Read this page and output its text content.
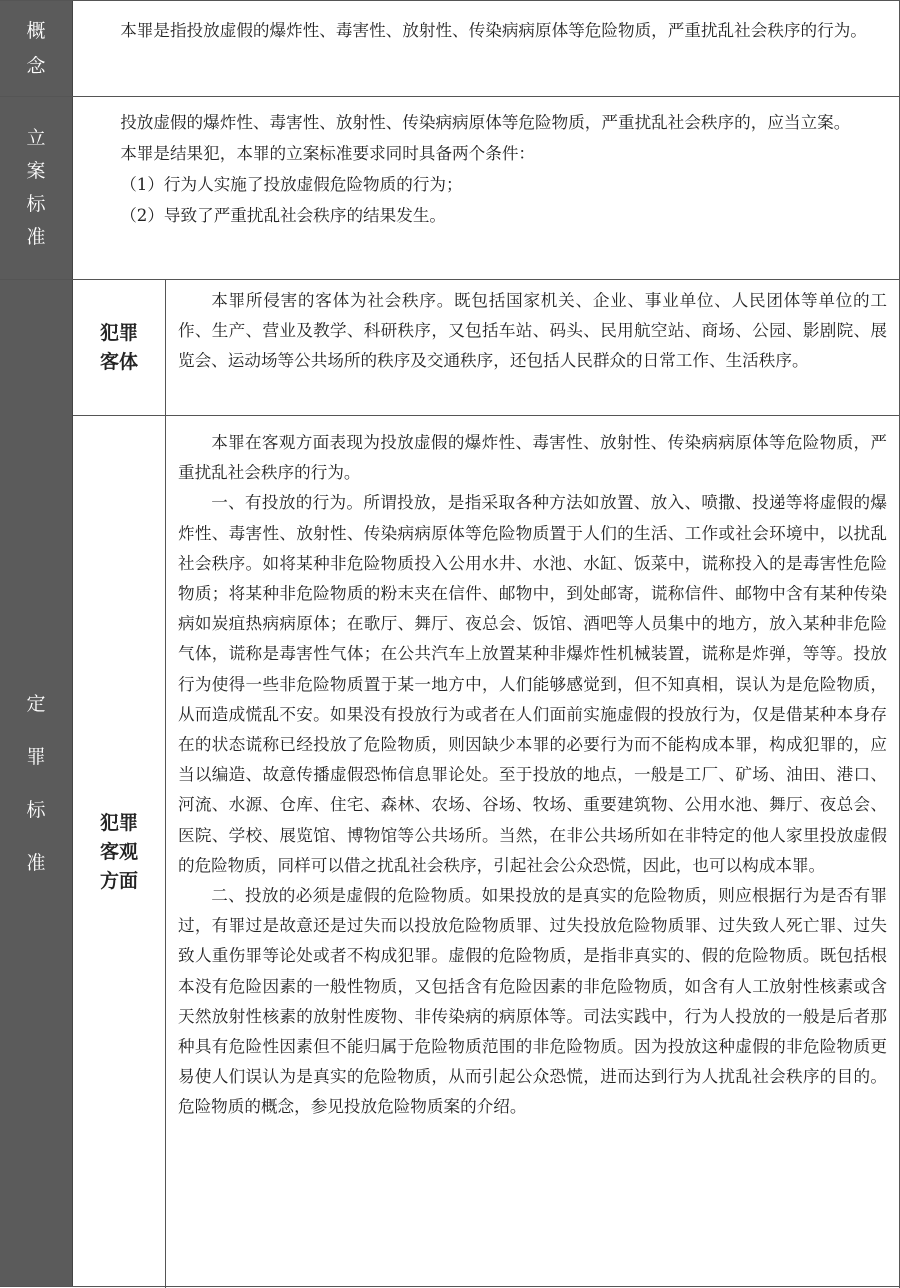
概
念

本罪是指投放虚假的爆炸性、毒害性、放射性、传染病病原体等危险物质，严重扰乱社会秩序的行为。

立
案
标
准

投放虚假的爆炸性、毒害性、放射性、传染病病原体等危险物质，严重扰乱社会秩序的，应当立案。

本罪是结果犯，本罪的立案标准要求同时具备两个条件：

（1）行为人实施了投放虚假危险物质的行为；

（2）导致了严重扰乱社会秩序的结果发生。

定
罪
标
准
犯罪
客体

本罪所侵害的客体为社会秩序。既包括国家机关、企业、事业单位、人民团体等单位的工作、生产、营业及教学、科研秩序，又包括车站、码头、民用航空站、商场、公园、影剧院、展览会、运动场等公共场所的秩序及交通秩序，还包括人民群众的日常工作、生活秩序。

犯罪
客观
方面

本罪在客观方面表现为投放虚假的爆炸性、毒害性、放射性、传染病病原体等危险物质，严重扰乱社会秩序的行为。

一、有投放的行为。所谓投放，是指采取各种方法如放置、放入、喷撒、投递等将虚假的爆炸性、毒害性、放射性、传染病病原体等危险物质置于人们的生活、工作或社会环境中，以扰乱社会秩序。如将某种非危险物质投入公用水井、水池、水缸、饭菜中，谎称投入的是毒害性危险物质；将某种非危险物质的粉末夹在信件、邮物中，到处邮寄，谎称信件、邮物中含有某种传染病如炭疽热病病原体；在歌厅、舞厅、夜总会、饭馆、酒吧等人员集中的地方，放入某种非危险气体，谎称是毒害性气体；在公共汽车上放置某种非爆炸性机械装置，谎称是炸弹，等等。投放行为使得一些非危险物质置于某一地方中，人们能够感觉到，但不知真相，误认为是危险物质，从而造成慌乱不安。如果没有投放行为或者在人们面前实施虚假的投放行为，仅是借某种本身存在的状态谎称已经投放了危险物质，则因缺少本罪的必要行为而不能构成本罪，构成犯罪的，应当以编造、故意传播虚假恐怖信息罪论处。至于投放的地点，一般是工厂、矿场、油田、港口、河流、水源、仓库、住宅、森林、农场、谷场、牧场、重要建筑物、公用水池、舞厅、夜总会、医院、学校、展览馆、博物馆等公共场所。当然，在非公共场所如在非特定的他人家里投放虚假的危险物质，同样可以借之扰乱社会秩序，引起社会公众恐慌，因此，也可以构成本罪。

二、投放的必须是虚假的危险物质。如果投放的是真实的危险物质，则应根据行为是否有罪过，有罪过是故意还是过失而以投放危险物质罪、过失投放危险物质罪、过失致人死亡罪、过失致人重伤罪等论处或者不构成犯罪。虚假的危险物质，是指非真实的、假的危险物质。既包括根本没有危险因素的一般性物质，又包括含有危险因素的非危险物质，如含有人工放射性核素或含天然放射性核素的放射性废物、非传染病的病原体等。司法实践中，行为人投放的一般是后者那种具有危险性因素但不能归属于危险物质范围的非危险物质。因为投放这种虚假的非危险物质更易使人们误认为是真实的危险物质，从而引起公众恐慌，进而达到行为人扰乱社会秩序的目的。危险物质的概念，参见投放危险物质案的介绍。
